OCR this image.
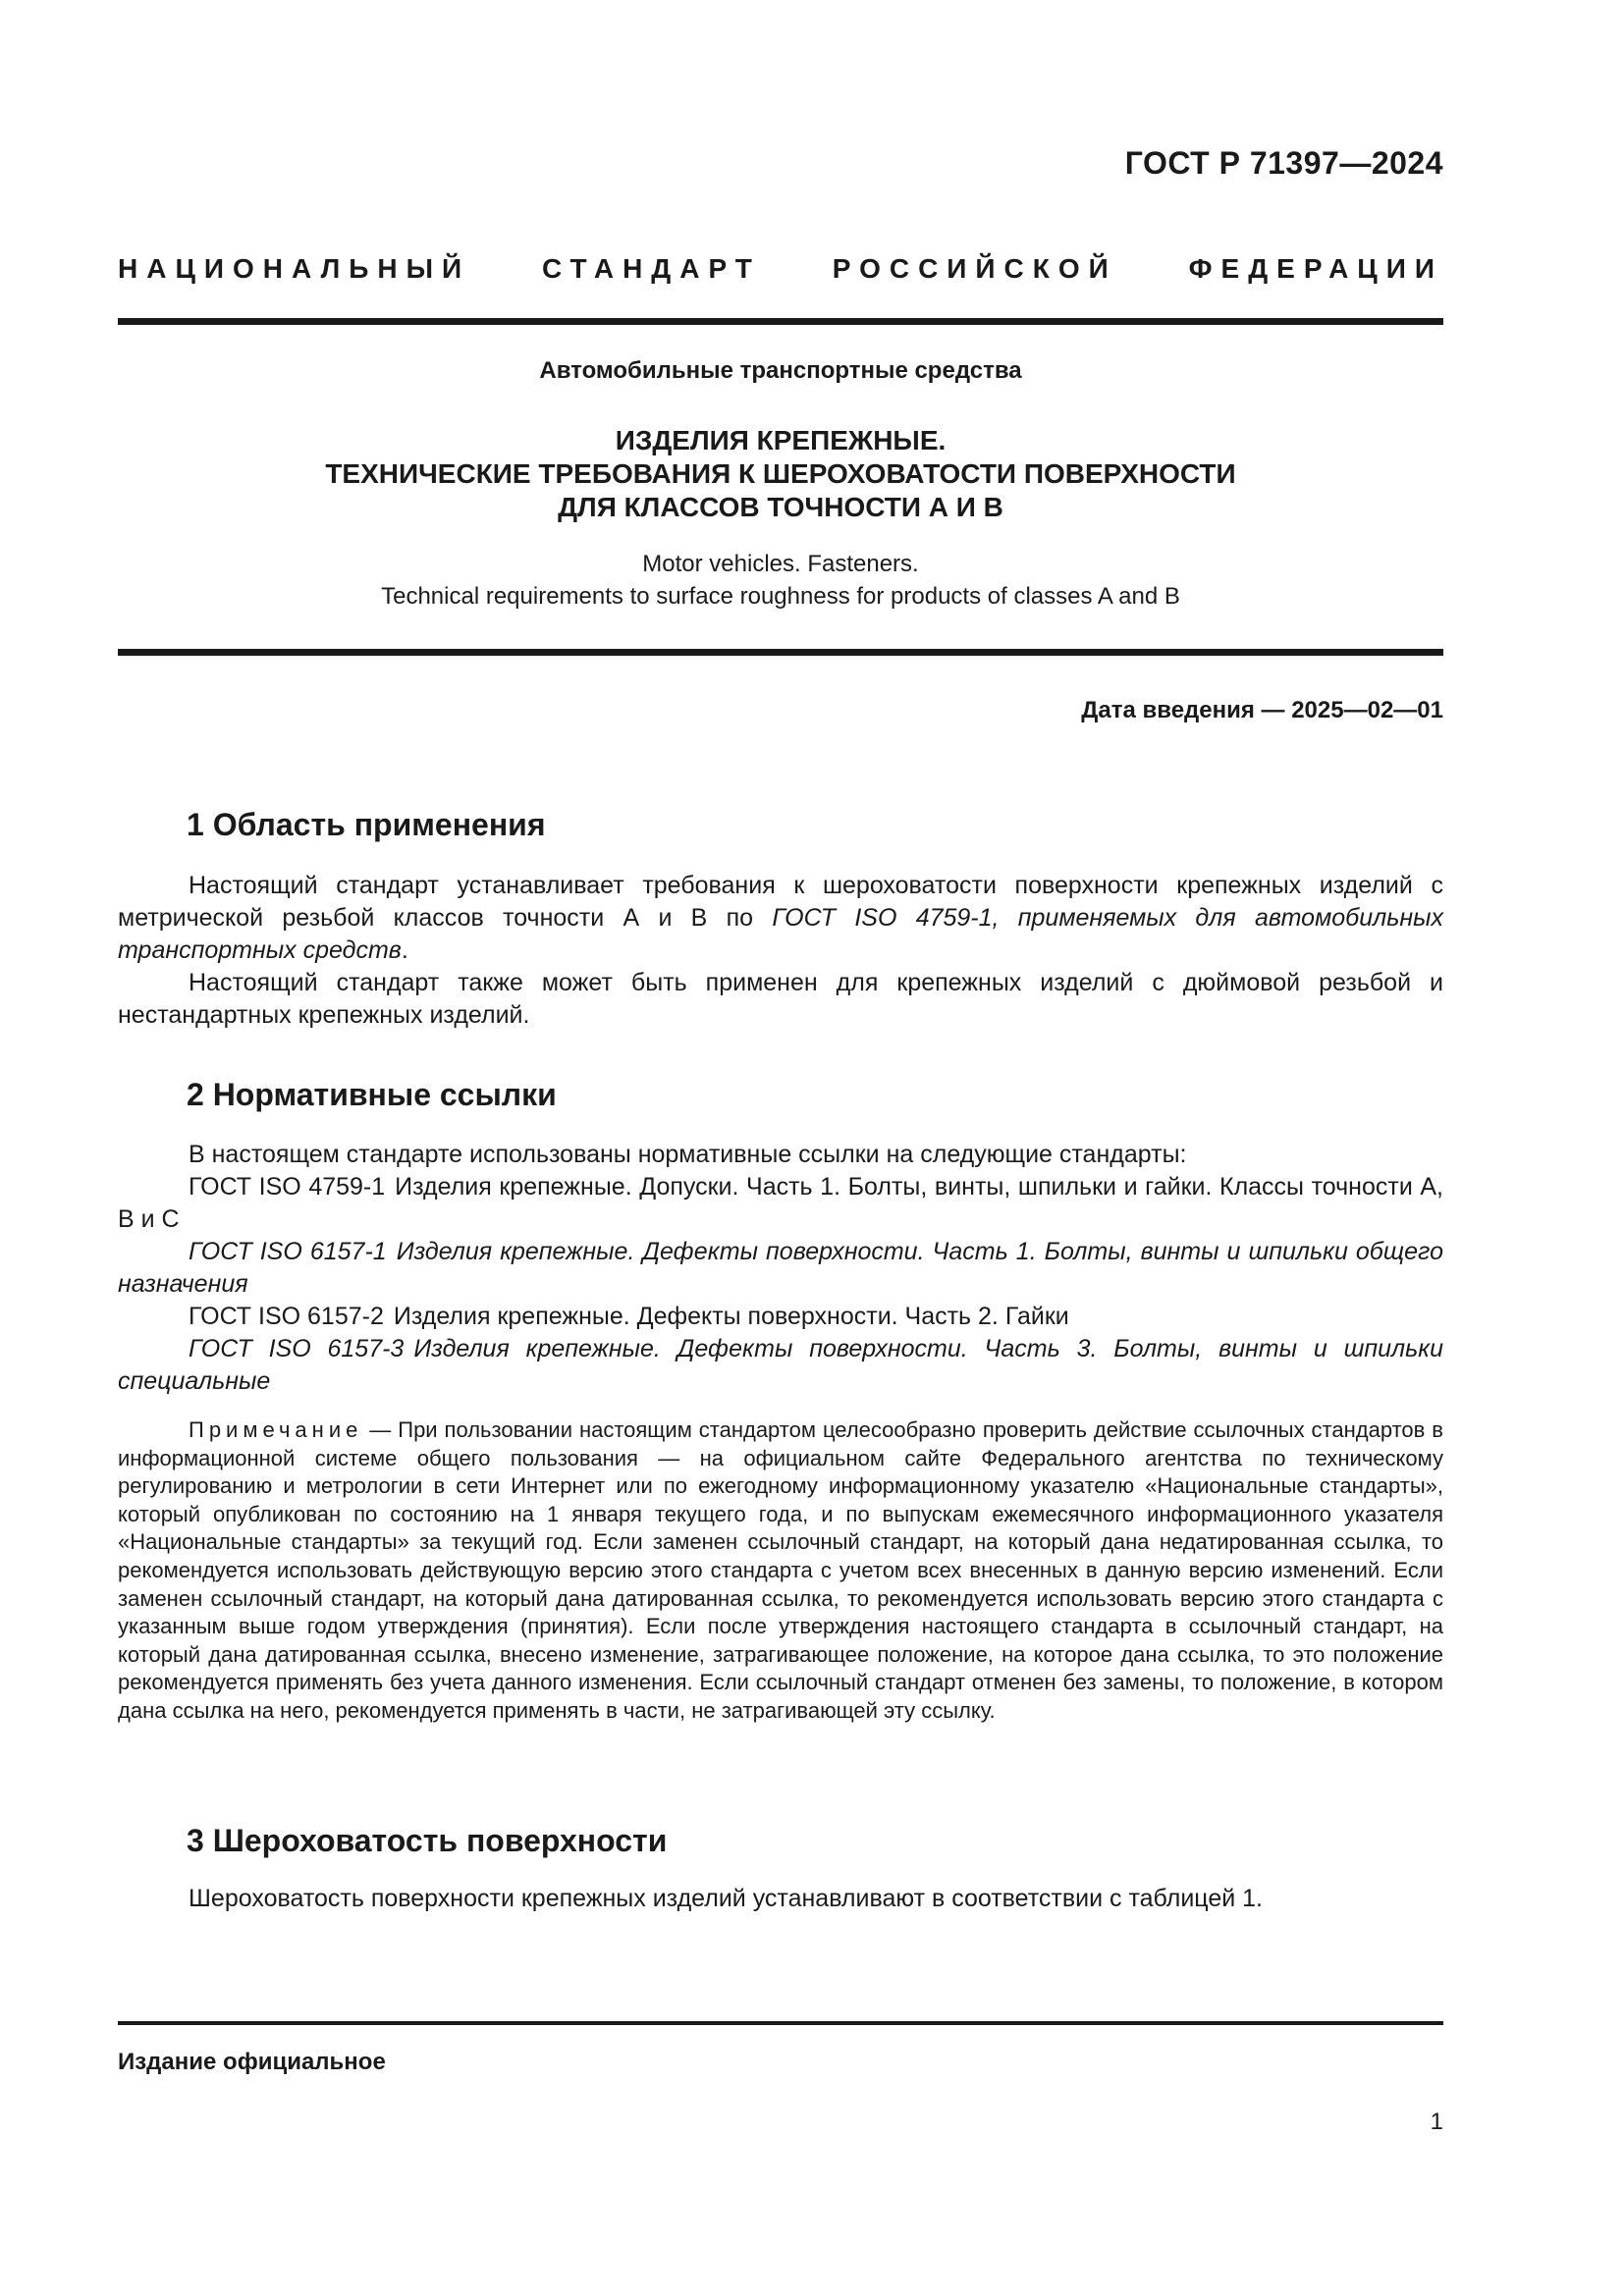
ГОСТ Р 71397—2024
НАЦИОНАЛЬНЫЙ СТАНДАРТ РОССИЙСКОЙ ФЕДЕРАЦИИ
Автомобильные транспортные средства
ИЗДЕЛИЯ КРЕПЕЖНЫЕ.
ТЕХНИЧЕСКИЕ ТРЕБОВАНИЯ К ШЕРОХОВАТОСТИ ПОВЕРХНОСТИ
ДЛЯ КЛАССОВ ТОЧНОСТИ А И В
Motor vehicles. Fasteners.
Technical requirements to surface roughness for products of classes A and B
Дата введения — 2025—02—01
1 Область применения

Настоящий стандарт устанавливает требования к шероховатости поверхности крепежных изделий с метрической резьбой классов точности А и В по ГОСТ ISO 4759-1, применяемых для автомобильных транспортных средств.

Настоящий стандарт также может быть применен для крепежных изделий с дюймовой резьбой и нестандартных крепежных изделий.

2 Нормативные ссылки

В настоящем стандарте использованы нормативные ссылки на следующие стандарты:

ГОСТ ISO 4759-1 Изделия крепежные. Допуски. Часть 1. Болты, винты, шпильки и гайки. Классы точности А, В и С
ГОСТ ISO 6157-1 Изделия крепежные. Дефекты поверхности. Часть 1. Болты, винты и шпильки общего назначения
ГОСТ ISO 6157-2 Изделия крепежные. Дефекты поверхности. Часть 2. Гайки
ГОСТ ISO 6157-3 Изделия крепежные. Дефекты поверхности. Часть 3. Болты, винты и шпильки специальные
Примечание — При пользовании настоящим стандартом целесообразно проверить действие ссылочных стандартов в информационной системе общего пользования — на официальном сайте Федерального агентства по техническому регулированию и метрологии в сети Интернет или по ежегодному информационному указателю «Национальные стандарты», который опубликован по состоянию на 1 января текущего года, и по выпускам ежемесячного информационного указателя «Национальные стандарты» за текущий год. Если заменен ссылочный стандарт, на который дана недатированная ссылка, то рекомендуется использовать действующую версию этого стандарта с учетом всех внесенных в данную версию изменений. Если заменен ссылочный стандарт, на который дана датированная ссылка, то рекомендуется использовать версию этого стандарта с указанным выше годом утверждения (принятия). Если после утверждения настоящего стандарта в ссылочный стандарт, на который дана датированная ссылка, внесено изменение, затрагивающее положение, на которое дана ссылка, то это положение рекомендуется применять без учета данного изменения. Если ссылочный стандарт отменен без замены, то положение, в котором дана ссылка на него, рекомендуется применять в части, не затрагивающей эту ссылку.
3 Шероховатость поверхности

Шероховатость поверхности крепежных изделий устанавливают в соответствии с таблицей 1.

Издание официальное
1
